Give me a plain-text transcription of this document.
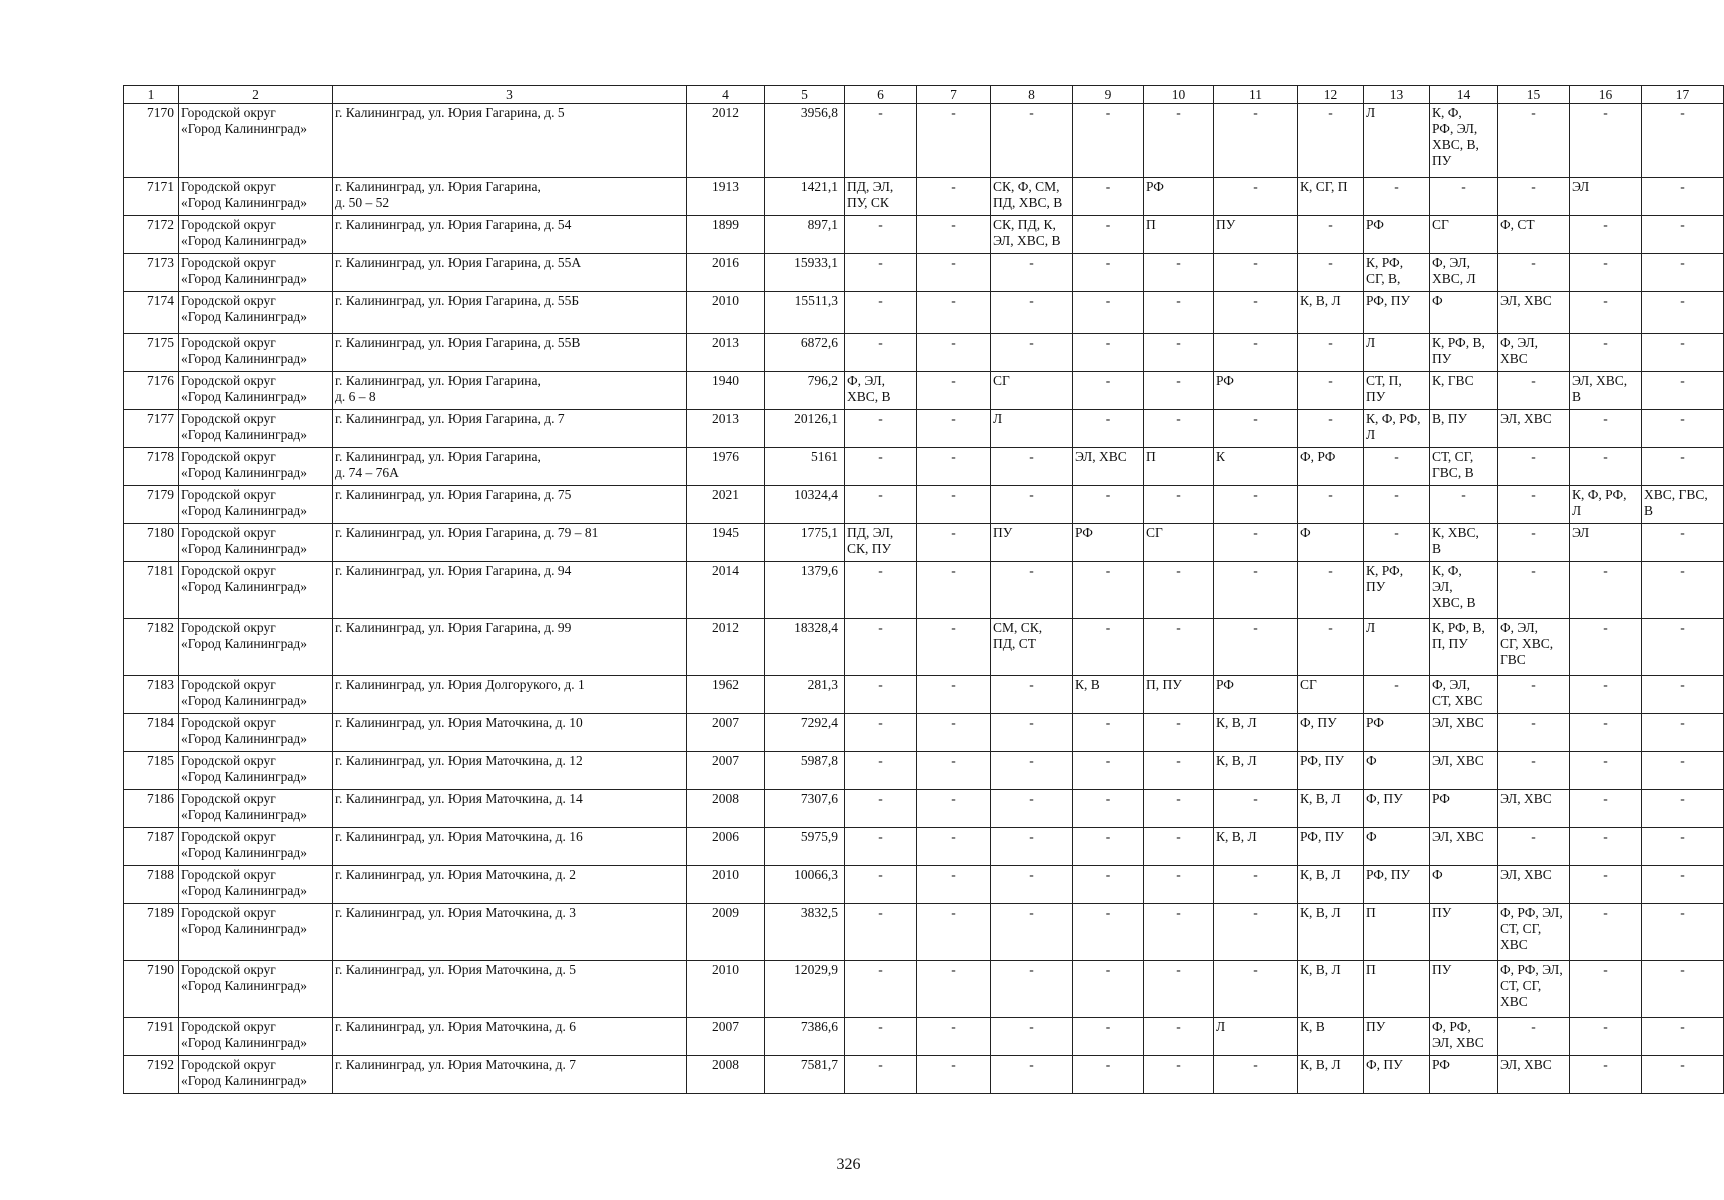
1	2	3	4	5	6	7	8	9	10	11	12	13	14	15	16	17
7170	Городской округ
«Город Калининград»	г. Калининград, ул. Юрия Гагарина, д. 5	2012	3956,8	-	-	-	-	-	-	-	Л	К, Ф,
РФ, ЭЛ,
ХВС, В,
ПУ	-	-	-
7171	Городской округ
«Город Калининград»	г. Калининград, ул. Юрия Гагарина,
д. 50 – 52	1913	1421,1	ПД, ЭЛ,
ПУ, СК	-	СК, Ф, СМ,
ПД, ХВС, В	-	РФ	-	К, СГ, П	-	-	-	ЭЛ	-
7172	Городской округ
«Город Калининград»	г. Калининград, ул. Юрия Гагарина, д. 54	1899	897,1	-	-	СК, ПД, К,
ЭЛ, ХВС, В	-	П	ПУ	-	РФ	СГ	Ф, СТ	-	-
7173	Городской округ
«Город Калининград»	г. Калининград, ул. Юрия Гагарина, д. 55А	2016	15933,1	-	-	-	-	-	-	-	К, РФ,
СГ, В,	Ф, ЭЛ,
ХВС, Л	-	-	-
7174	Городской округ
«Город Калининград»	г. Калининград, ул. Юрия Гагарина, д. 55Б	2010	15511,3	-	-	-	-	-	-	К, В, Л	РФ, ПУ	Ф	ЭЛ, ХВС	-	-
7175	Городской округ
«Город Калининград»	г. Калининград, ул. Юрия Гагарина, д. 55В	2013	6872,6	-	-	-	-	-	-	-	Л	К, РФ, В,
ПУ	Ф, ЭЛ,
ХВС	-	-
7176	Городской округ
«Город Калининград»	г. Калининград, ул. Юрия Гагарина,
д. 6 – 8	1940	796,2	Ф, ЭЛ,
ХВС, В	-	СГ	-	-	РФ	-	СТ, П,
ПУ	К, ГВС	-	ЭЛ, ХВС,
В	-
7177	Городской округ
«Город Калининград»	г. Калининград, ул. Юрия Гагарина, д. 7	2013	20126,1	-	-	Л	-	-	-	-	К, Ф, РФ,
Л	В, ПУ	ЭЛ, ХВС	-	-
7178	Городской округ
«Город Калининград»	г. Калининград, ул. Юрия Гагарина,
д. 74 – 76А	1976	5161	-	-	-	ЭЛ, ХВС	П	К	Ф, РФ	-	СТ, СГ,
ГВС, В	-	-	-
7179	Городской округ
«Город Калининград»	г. Калининград, ул. Юрия Гагарина, д. 75	2021	10324,4	-	-	-	-	-	-	-	-	-	-	К, Ф, РФ,
Л	ХВС, ГВС,
В
7180	Городской округ
«Город Калининград»	г. Калининград, ул. Юрия Гагарина, д. 79 – 81	1945	1775,1	ПД, ЭЛ,
СК, ПУ	-	ПУ	РФ	СГ	-	Ф	-	К, ХВС,
В	-	ЭЛ	-
7181	Городской округ
«Город Калининград»	г. Калининград, ул. Юрия Гагарина, д. 94	2014	1379,6	-	-	-	-	-	-	-	К, РФ,
ПУ	К, Ф,
ЭЛ,
ХВС, В	-	-	-
7182	Городской округ
«Город Калининград»	г. Калининград, ул. Юрия Гагарина, д. 99	2012	18328,4	-	-	СМ, СК,
ПД, СТ	-	-	-	-	Л	К, РФ, В,
П, ПУ	Ф, ЭЛ,
СГ, ХВС,
ГВС	-	-
7183	Городской округ
«Город Калининград»	г. Калининград, ул. Юрия Долгорукого, д. 1	1962	281,3	-	-	-	К, В	П, ПУ	РФ	СГ	-	Ф, ЭЛ,
СТ, ХВС	-	-	-
7184	Городской округ
«Город Калининград»	г. Калининград, ул. Юрия Маточкина, д. 10	2007	7292,4	-	-	-	-	-	К, В, Л	Ф, ПУ	РФ	ЭЛ, ХВС	-	-	-
7185	Городской округ
«Город Калининград»	г. Калининград, ул. Юрия Маточкина, д. 12	2007	5987,8	-	-	-	-	-	К, В, Л	РФ, ПУ	Ф	ЭЛ, ХВС	-	-	-
7186	Городской округ
«Город Калининград»	г. Калининград, ул. Юрия Маточкина, д. 14	2008	7307,6	-	-	-	-	-	-	К, В, Л	Ф, ПУ	РФ	ЭЛ, ХВС	-	-
7187	Городской округ
«Город Калининград»	г. Калининград, ул. Юрия Маточкина, д. 16	2006	5975,9	-	-	-	-	-	К, В, Л	РФ, ПУ	Ф	ЭЛ, ХВС	-	-	-
7188	Городской округ
«Город Калининград»	г. Калининград, ул. Юрия Маточкина, д. 2	2010	10066,3	-	-	-	-	-	-	К, В, Л	РФ, ПУ	Ф	ЭЛ, ХВС	-	-
7189	Городской округ
«Город Калининград»	г. Калининград, ул. Юрия Маточкина, д. 3	2009	3832,5	-	-	-	-	-	-	К, В, Л	П	ПУ	Ф, РФ, ЭЛ,
СТ, СГ,
ХВС	-	-
7190	Городской округ
«Город Калининград»	г. Калининград, ул. Юрия Маточкина, д. 5	2010	12029,9	-	-	-	-	-	-	К, В, Л	П	ПУ	Ф, РФ, ЭЛ,
СТ, СГ,
ХВС	-	-
7191	Городской округ
«Город Калининград»	г. Калининград, ул. Юрия Маточкина, д. 6	2007	7386,6	-	-	-	-	-	Л	К, В	ПУ	Ф, РФ,
ЭЛ, ХВС	-	-	-
7192	Городской округ
«Город Калининград»	г. Калининград, ул. Юрия Маточкина, д. 7	2008	7581,7	-	-	-	-	-	-	К, В, Л	Ф, ПУ	РФ	ЭЛ, ХВС	-	-
326
